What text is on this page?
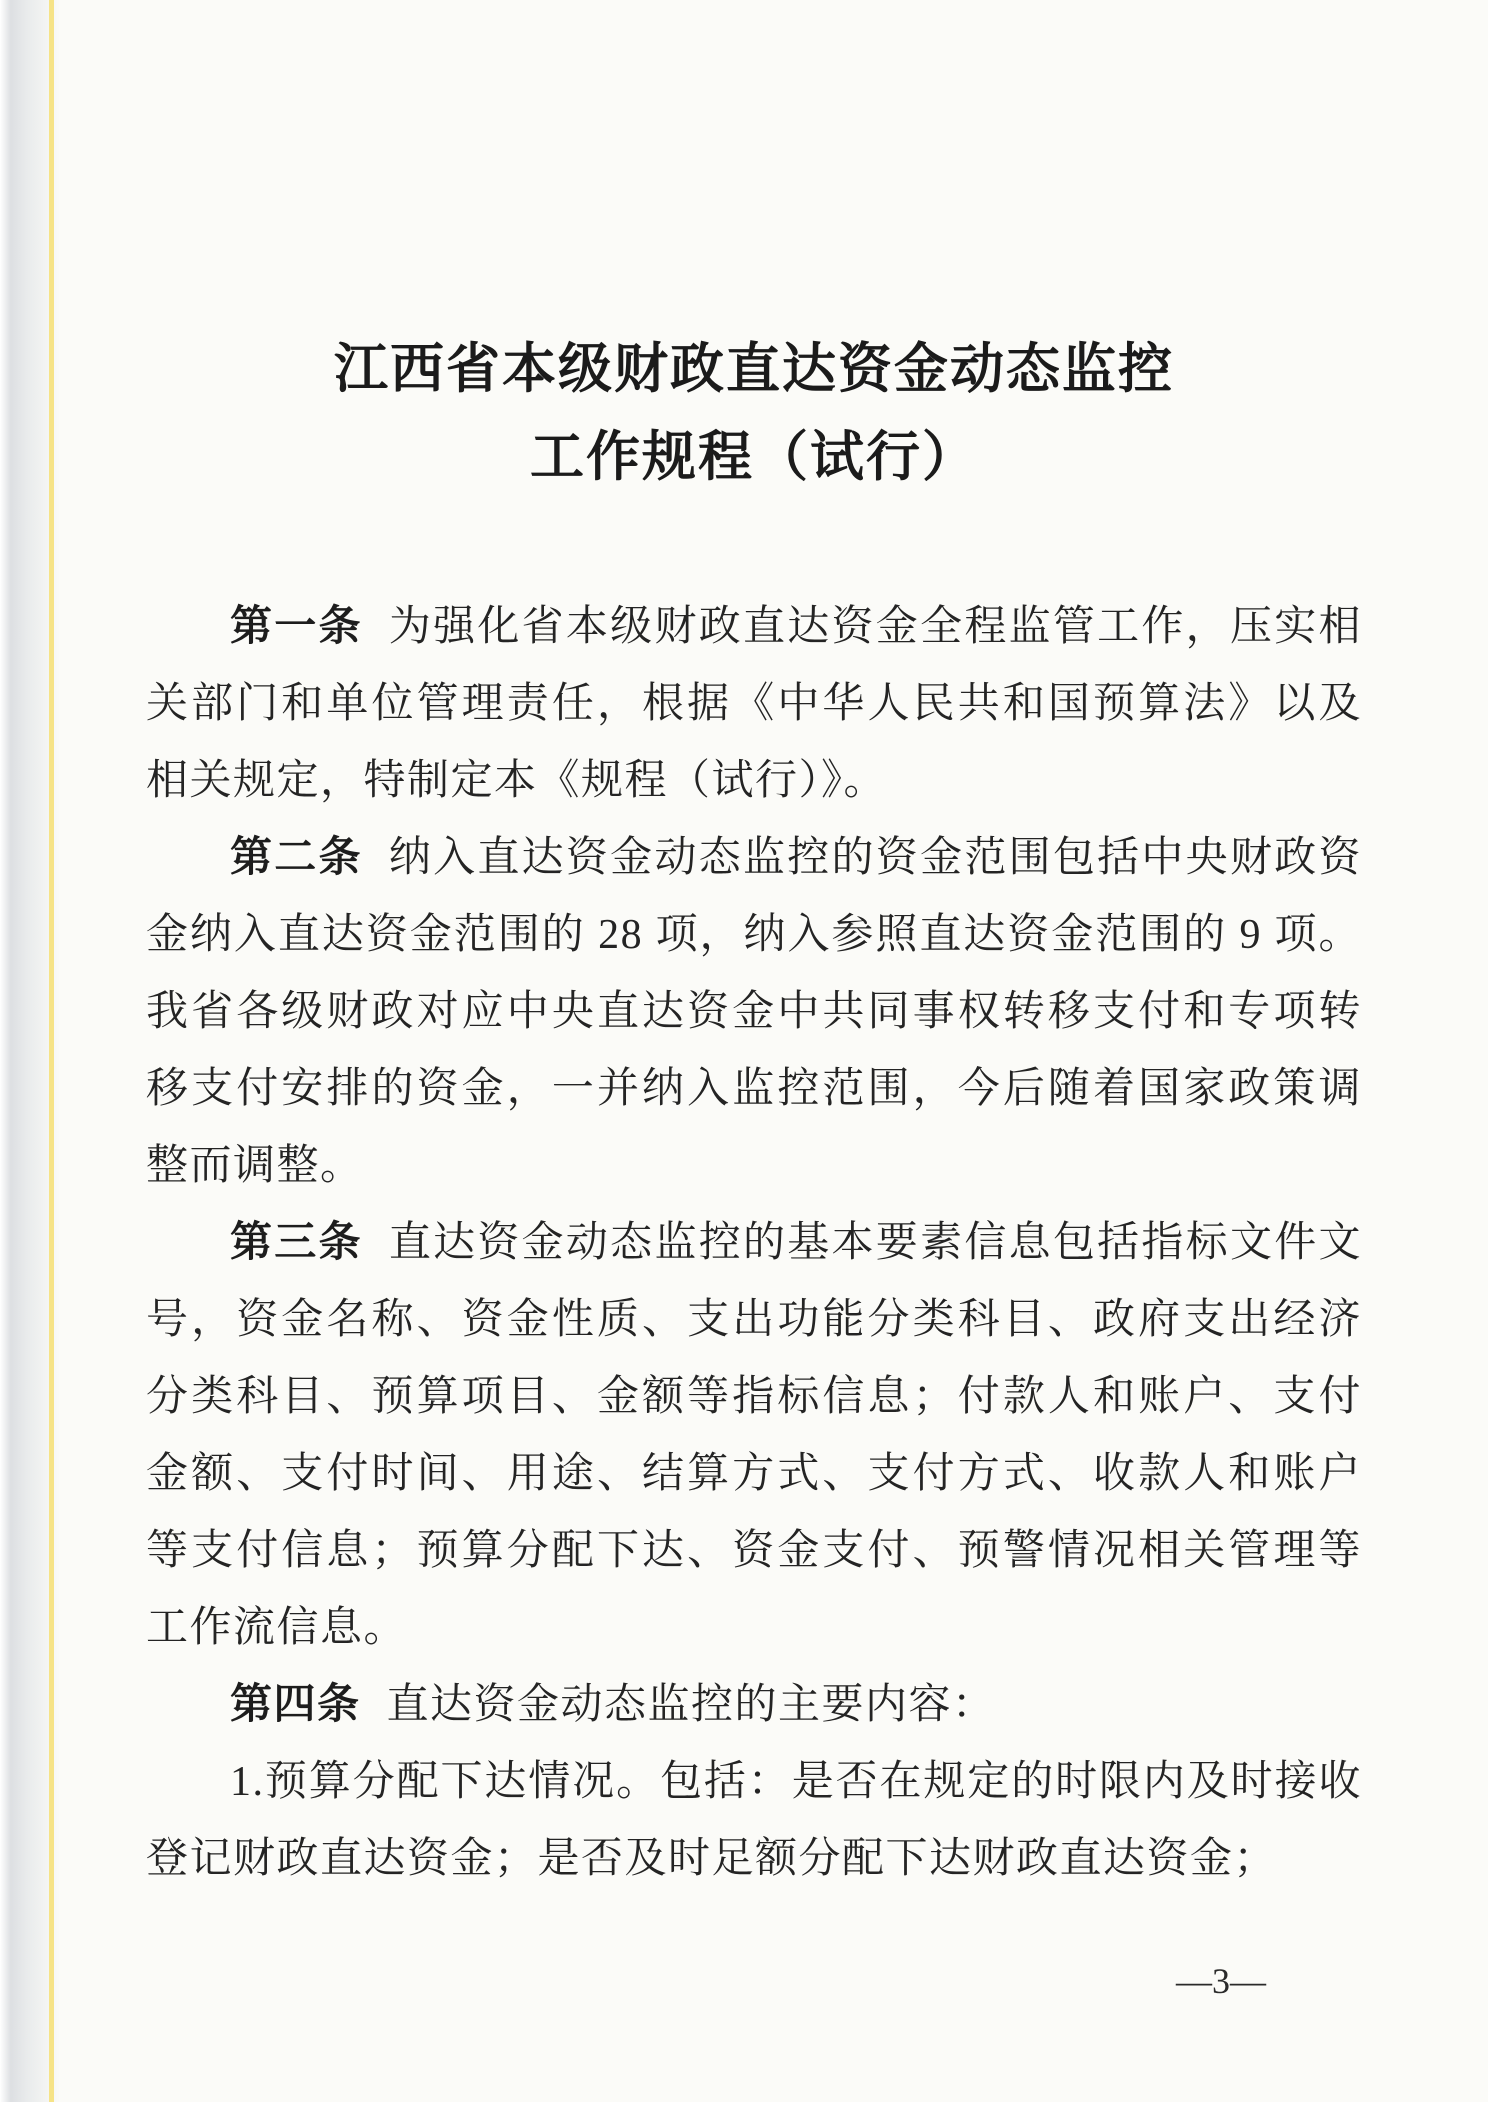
江西省本级财政直达资金动态监控
工作规程（试行）

第一条 为强化省本级财政直达资金全程监管工作，压实相关部门和单位管理责任，根据《中华人民共和国预算法》以及相关规定，特制定本《规程（试行）》。

第二条 纳入直达资金动态监控的资金范围包括中央财政资金纳入直达资金范围的 28 项，纳入参照直达资金范围的 9 项。我省各级财政对应中央直达资金中共同事权转移支付和专项转移支付安排的资金，一并纳入监控范围，今后随着国家政策调整而调整。

第三条 直达资金动态监控的基本要素信息包括指标文件文号，资金名称、资金性质、支出功能分类科目、政府支出经济分类科目、预算项目、金额等指标信息；付款人和账户、支付金额、支付时间、用途、结算方式、支付方式、收款人和账户等支付信息；预算分配下达、资金支付、预警情况相关管理等工作流信息。

第四条 直达资金动态监控的主要内容：

1.预算分配下达情况。包括：是否在规定的时限内及时接收登记财政直达资金；是否及时足额分配下达财政直达资金；

—3—
